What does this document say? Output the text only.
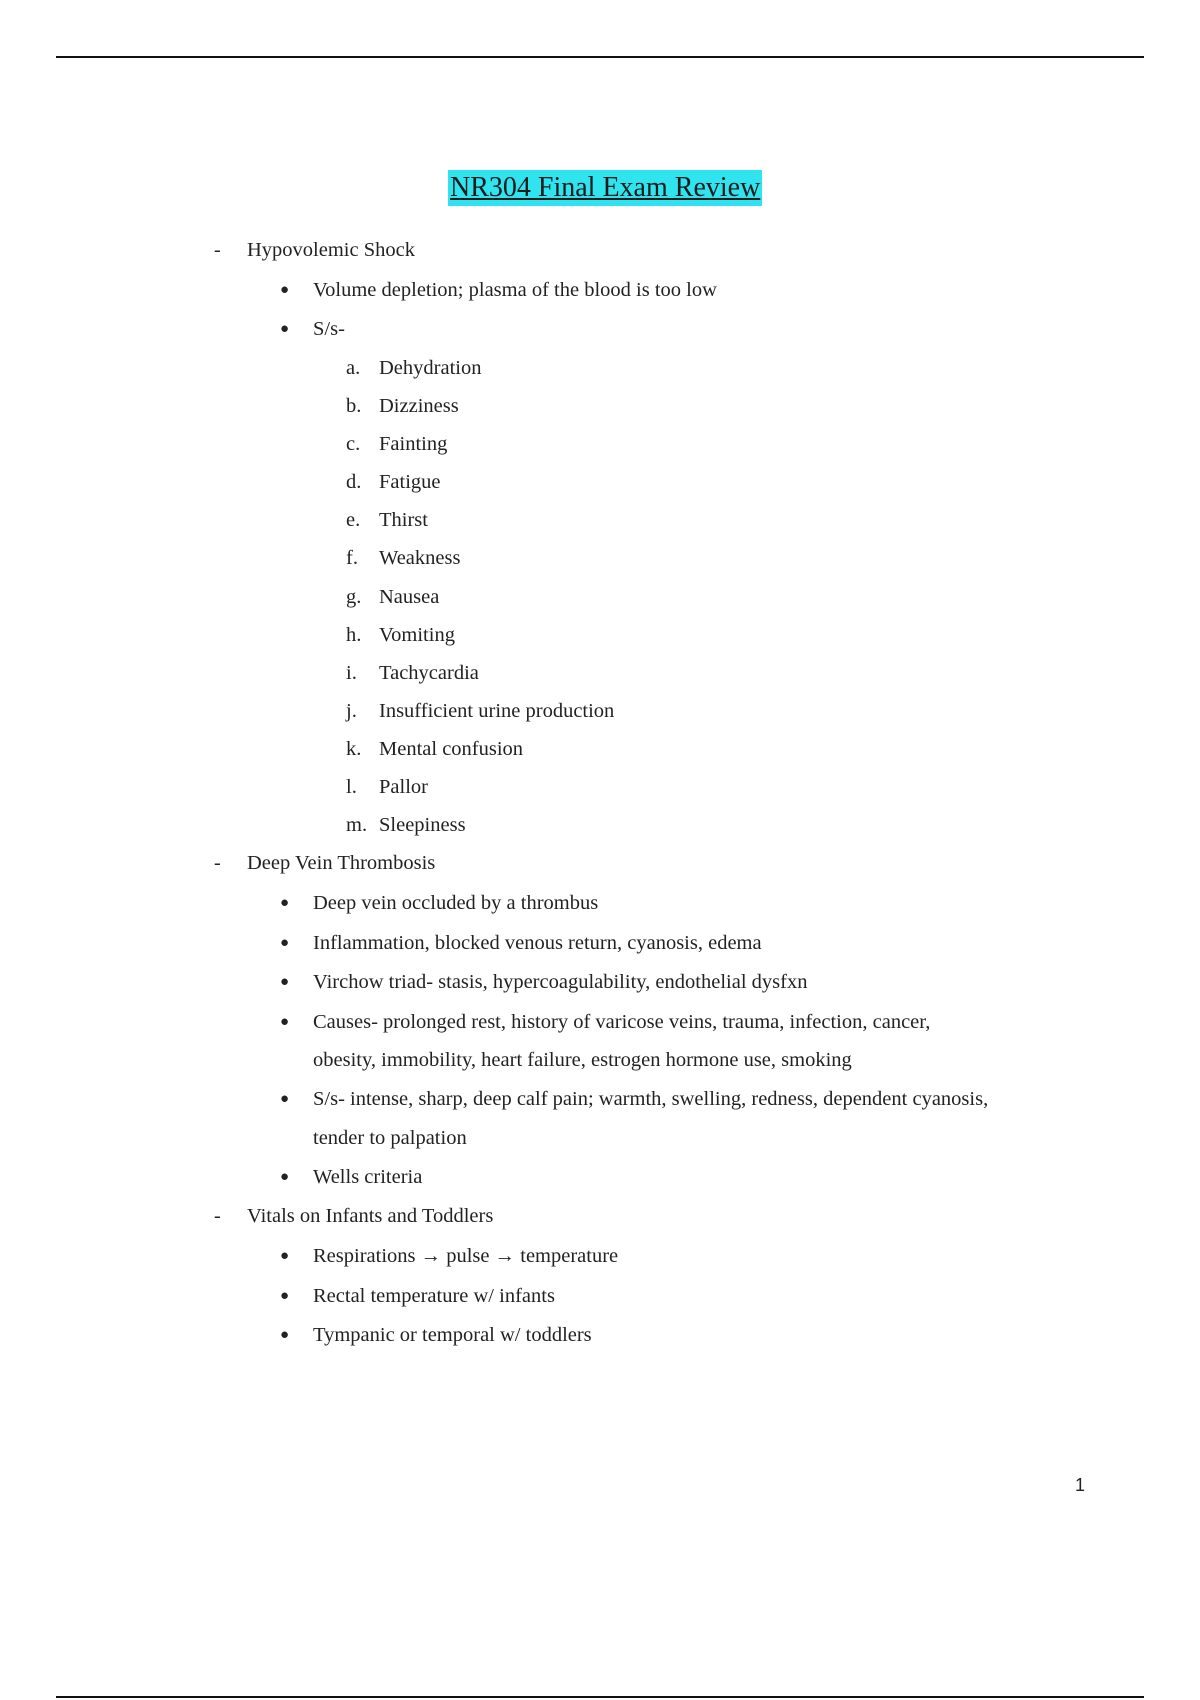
NR304 Final Exam Review
- Hypovolemic Shock
● Volume depletion; plasma of the blood is too low
● S/s-
a. Dehydration
b. Dizziness
c. Fainting
d. Fatigue
e. Thirst
f. Weakness
g. Nausea
h. Vomiting
i. Tachycardia
j. Insufficient urine production
k. Mental confusion
l. Pallor
m. Sleepiness
- Deep Vein Thrombosis
● Deep vein occluded by a thrombus
● Inflammation, blocked venous return, cyanosis, edema
● Virchow triad- stasis, hypercoagulability, endothelial dysfxn
● Causes- prolonged rest, history of varicose veins, trauma, infection, cancer,
obesity, immobility, heart failure, estrogen hormone use, smoking
● S/s- intense, sharp, deep calf pain; warmth, swelling, redness, dependent cyanosis,
tender to palpation
● Wells criteria
- Vitals on Infants and Toddlers
● Respirations → pulse → temperature
● Rectal temperature w/ infants
● Tympanic or temporal w/ toddlers
1
